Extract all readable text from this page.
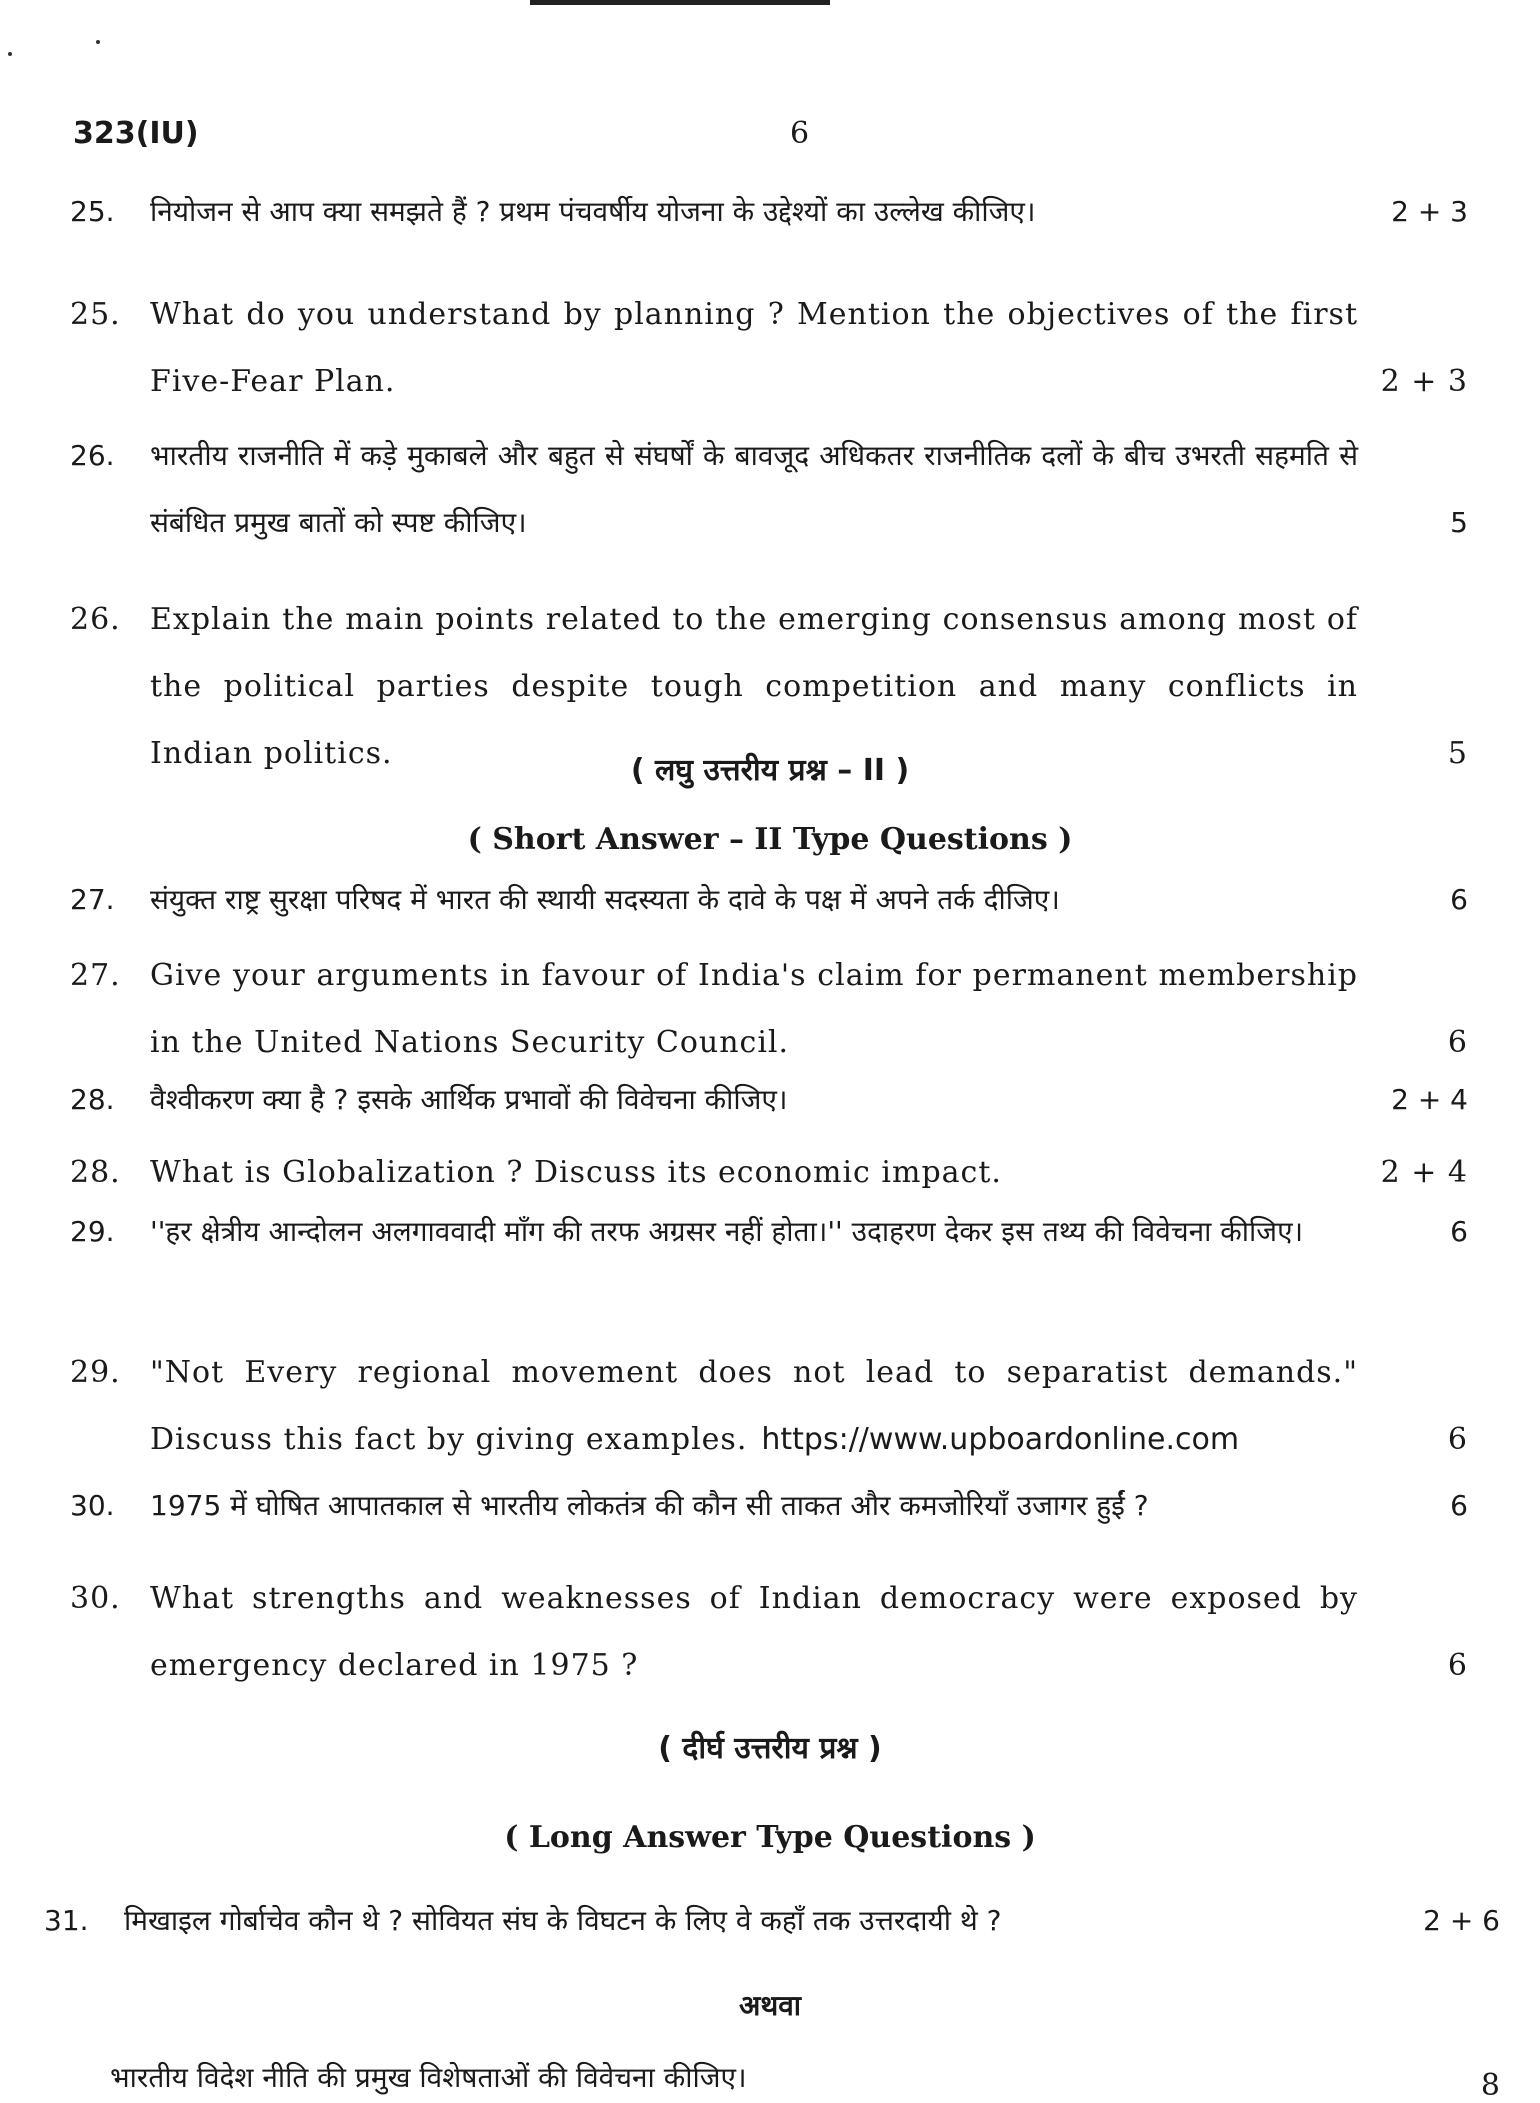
323(IU)	6
25.	नियोजन से आप क्या समझते हैं ? प्रथम पंचवर्षीय योजना के उद्देश्यों का उल्लेख कीजिए।	2 + 3
25. What do you understand by planning ? Mention the objectives of the first Five-Fear Plan.	2 + 3
26.	भारतीय राजनीति में कड़े मुकाबले और बहुत से संघर्षों के बावजूद अधिकतर राजनीतिक दलों के बीच उभरती सहमति से संबंधित प्रमुख बातों को स्पष्ट कीजिए।	5
26. Explain the main points related to the emerging consensus among most of the political parties despite tough competition and many conflicts in Indian politics.	5
( लघु उत्तरीय प्रश्न – II )
( Short Answer – II Type Questions )
27.	संयुक्त राष्ट्र सुरक्षा परिषद में भारत की स्थायी सदस्यता के दावे के पक्ष में अपने तर्क दीजिए।	6
27. Give your arguments in favour of India's claim for permanent membership in the United Nations Security Council.	6
28.	वैश्वीकरण क्या है ? इसके आर्थिक प्रभावों की विवेचना कीजिए।	2 + 4
28. What is Globalization ? Discuss its economic impact.	2 + 4
29.	''हर क्षेत्रीय आन्दोलन अलगाववादी माँग की तरफ अग्रसर नहीं होता।'' उदाहरण देकर इस तथ्य की विवेचना कीजिए।	6
29. "Not Every regional movement does not lead to separatist demands." Discuss this fact by giving examples. https://www.upboardonline.com	6
30.	1975 में घोषित आपातकाल से भारतीय लोकतंत्र की कौन सी ताकत और कमजोरियाँ उजागर हुईं ?	6
30. What strengths and weaknesses of Indian democracy were exposed by emergency declared in 1975 ?	6
( दीर्घ उत्तरीय प्रश्न )
( Long Answer Type Questions )
31.	मिखाइल गोर्बाचेव कौन थे ? सोवियत संघ के विघटन के लिए वे कहाँ तक उत्तरदायी थे ?	2 + 6
अथवा
भारतीय विदेश नीति की प्रमुख विशेषताओं की विवेचना कीजिए।	8
